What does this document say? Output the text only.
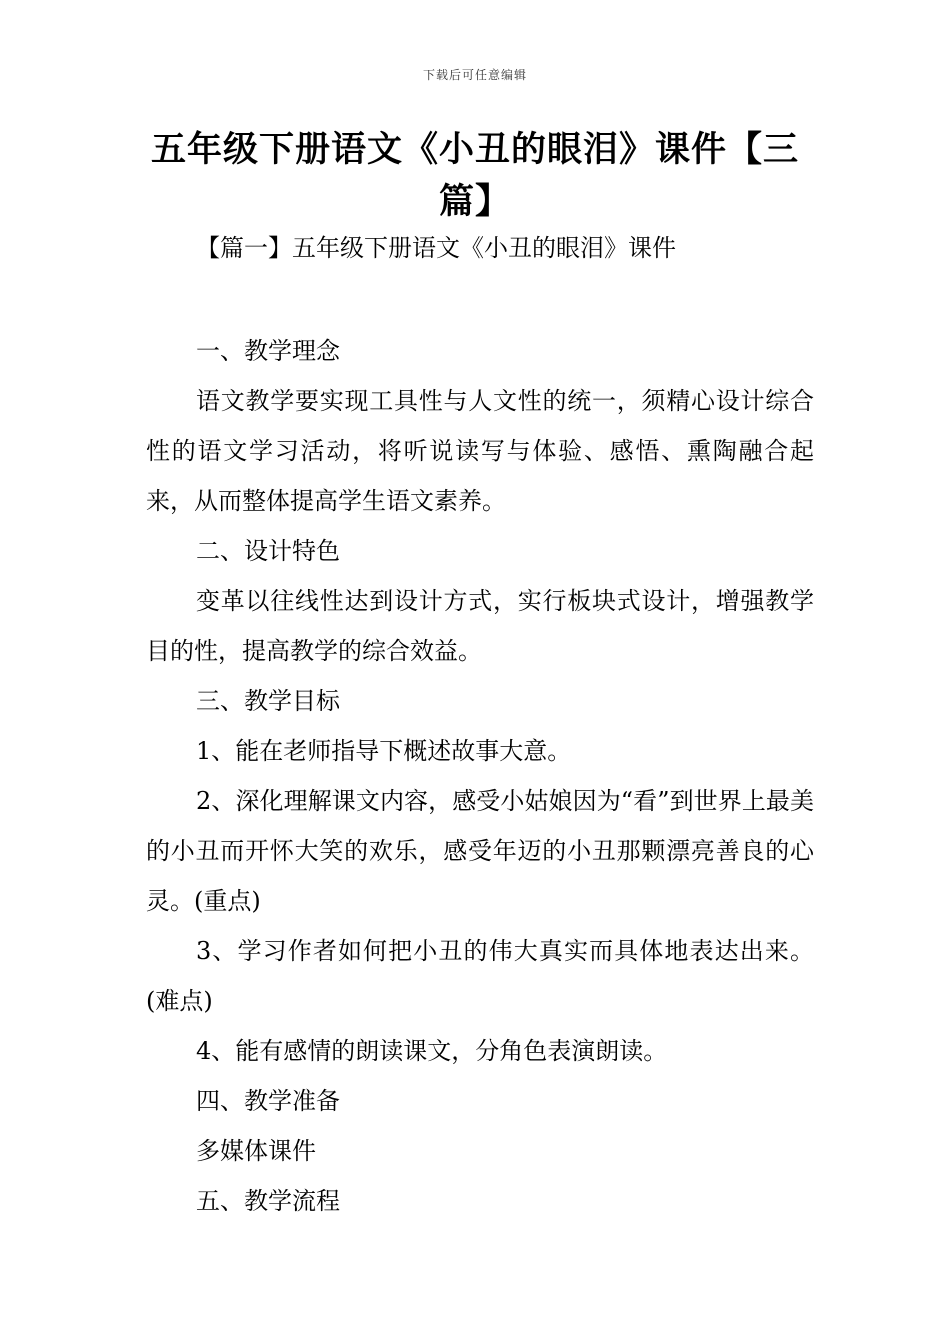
下载后可任意编辑
五年级下册语文《小丑的眼泪》课件【三篇】
【篇一】五年级下册语文《小丑的眼泪》课件

一、教学理念

语文教学要实现工具性与人文性的统一，须精心设计综合性的语文学习活动，将听说读写与体验、感悟、熏陶融合起来，从而整体提高学生语文素养。

二、设计特色

变革以往线性达到设计方式，实行板块式设计，增强教学目的性，提高教学的综合效益。

三、教学目标

1、能在老师指导下概述故事大意。

2、深化理解课文内容，感受小姑娘因为“看”到世界上最美的小丑而开怀大笑的欢乐，感受年迈的小丑那颗漂亮善良的心灵。(重点)

3、学习作者如何把小丑的伟大真实而具体地表达出来。(难点)

4、能有感情的朗读课文，分角色表演朗读。

四、教学准备

多媒体课件

五、教学流程
